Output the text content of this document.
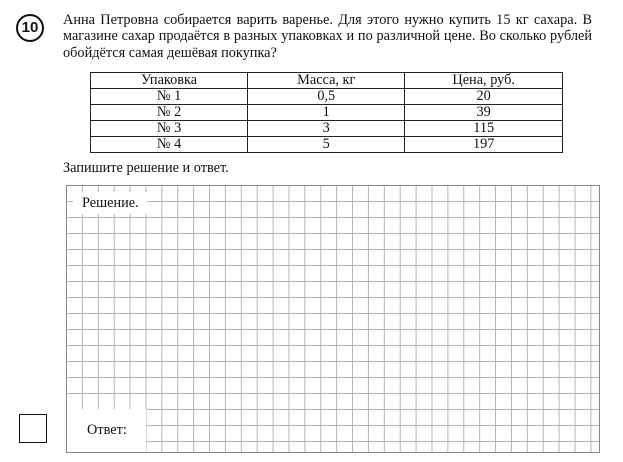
10	Анна Петровна собирается варить варенье. Для этого нужно купить 15 кг сахара. В магазине сахар продаётся в разных упаковках и по различной цене. Во сколько рублей обойдётся самая дешёвая покупка?

Упаковка	Масса, кг	Цена, руб.
№ 1	0,5	20
№ 2	1	39
№ 3	3	115
№ 4	5	197

Запишите решение и ответ.

Решение.
Ответ:
